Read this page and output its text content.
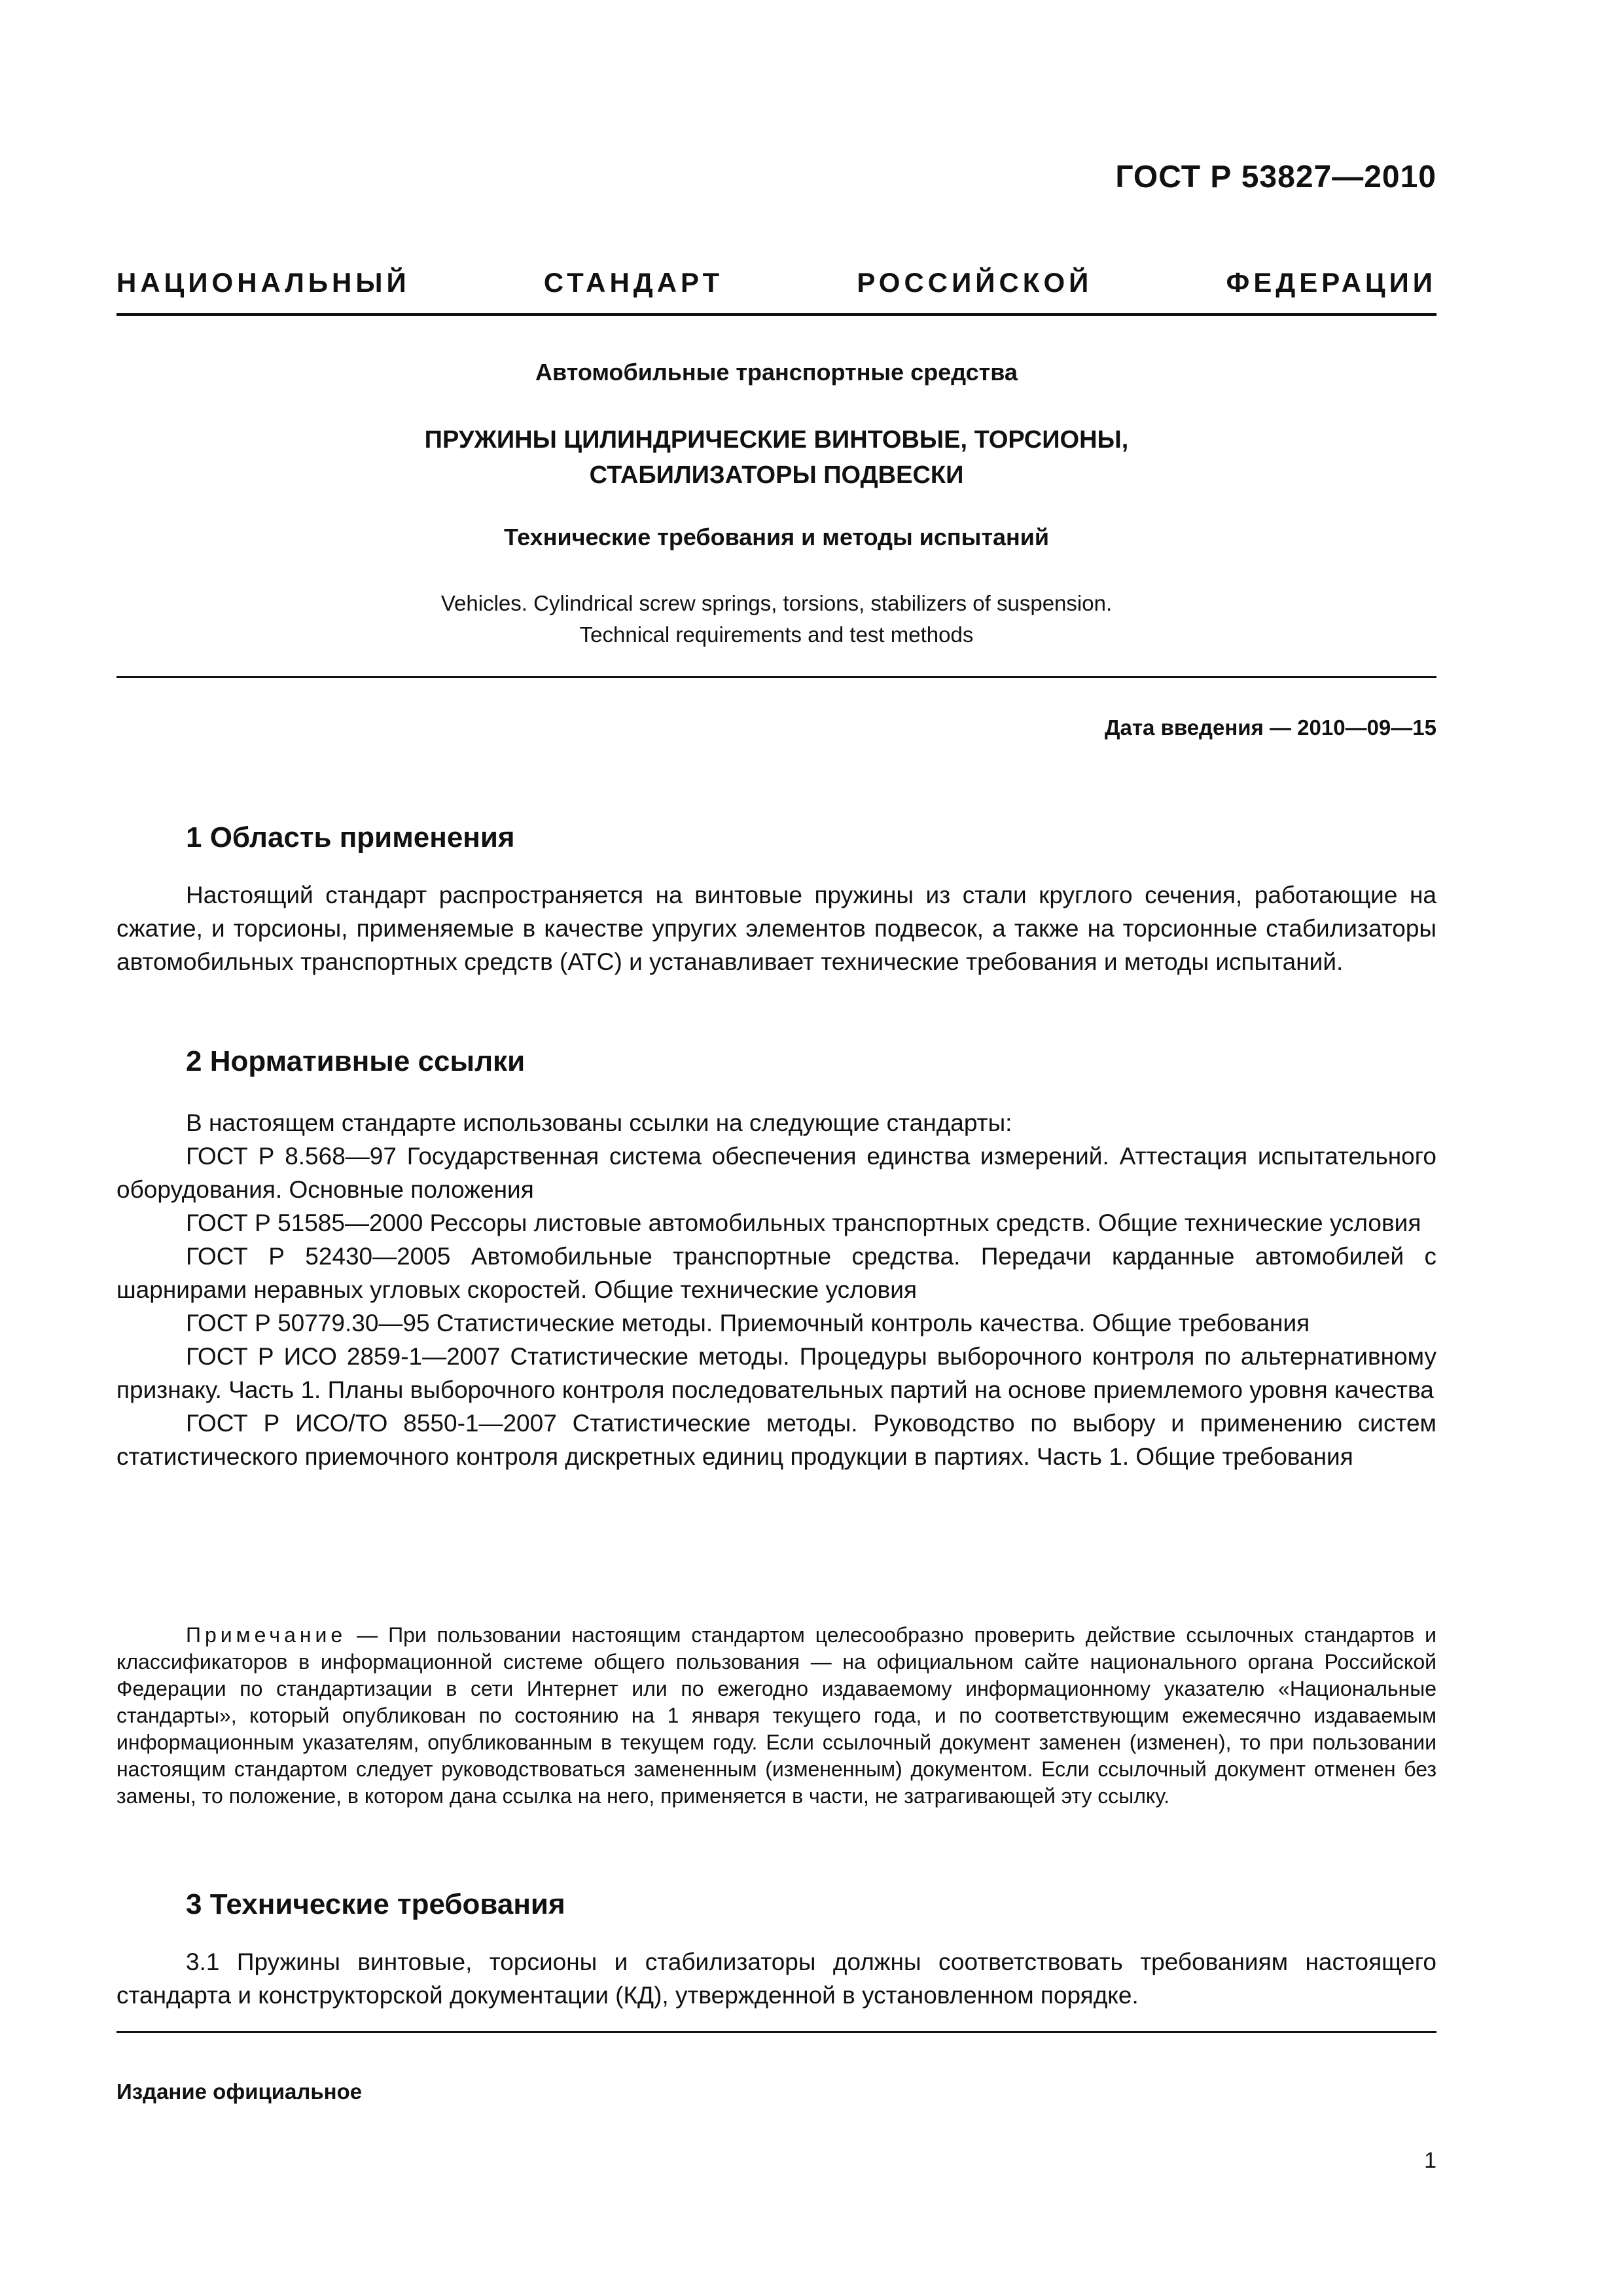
ГОСТ Р 53827—2010
НАЦИОНАЛЬНЫЙ	СТАНДАРТ	РОССИЙСКОЙ	ФЕДЕРАЦИИ
Автомобильные транспортные средства
ПРУЖИНЫ ЦИЛИНДРИЧЕСКИЕ ВИНТОВЫЕ, ТОРСИОНЫ,
СТАБИЛИЗАТОРЫ ПОДВЕСКИ
Технические требования и методы испытаний
Vehicles. Cylindrical screw springs, torsions, stabilizers of suspension.
Technical requirements and test methods
Дата введения — 2010—09—15
1 Область применения

Настоящий стандарт распространяется на винтовые пружины из стали круглого сечения, работающие на сжатие, и торсионы, применяемые в качестве упругих элементов подвесок, а также на торсионные стабилизаторы автомобильных транспортных средств (АТС) и устанавливает технические требования и методы испытаний.

2 Нормативные ссылки

В настоящем стандарте использованы ссылки на следующие стандарты:

ГОСТ Р 8.568—97 Государственная система обеспечения единства измерений. Аттестация испытательного оборудования. Основные положения

ГОСТ Р 51585—2000 Рессоры листовые автомобильных транспортных средств. Общие технические условия

ГОСТ Р 52430—2005 Автомобильные транспортные средства. Передачи карданные автомобилей с шарнирами неравных угловых скоростей. Общие технические условия

ГОСТ Р 50779.30—95 Статистические методы. Приемочный контроль качества. Общие требования

ГОСТ Р ИСО 2859-1—2007 Статистические методы. Процедуры выборочного контроля по альтернативному признаку. Часть 1. Планы выборочного контроля последовательных партий на основе приемлемого уровня качества

ГОСТ Р ИСО/ТО 8550-1—2007 Статистические методы. Руководство по выбору и применению систем статистического приемочного контроля дискретных единиц продукции в партиях. Часть 1. Общие требования

Примечание — При пользовании настоящим стандартом целесообразно проверить действие ссылочных стандартов и классификаторов в информационной системе общего пользования — на официальном сайте национального органа Российской Федерации по стандартизации в сети Интернет или по ежегодно издаваемому информационному указателю «Национальные стандарты», который опубликован по состоянию на 1 января текущего года, и по соответствующим ежемесячно издаваемым информационным указателям, опубликованным в текущем году. Если ссылочный документ заменен (изменен), то при пользовании настоящим стандартом следует руководствоваться замененным (измененным) документом. Если ссылочный документ отменен без замены, то положение, в котором дана ссылка на него, применяется в части, не затрагивающей эту ссылку.

3 Технические требования

3.1 Пружины винтовые, торсионы и стабилизаторы должны соответствовать требованиям настоящего стандарта и конструкторской документации (КД), утвержденной в установленном порядке.

Издание официальное
1
